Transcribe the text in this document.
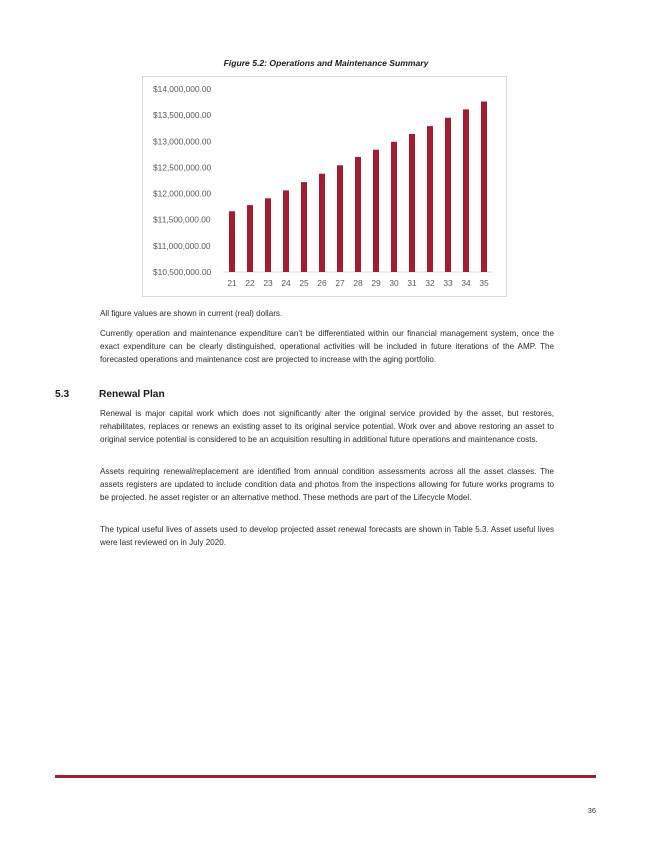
Figure 5.2: Operations and Maintenance Summary
$10,500,000.00
$11,000,000.00
$11,500,000.00
$12,000,000.00
$12,500,000.00
$13,000,000.00
$13,500,000.00
$14,000,000.00
21 22 23 24 25 26 27 28 29 30 31 32 33 34 35

All figure values are shown in current (real) dollars.

Currently operation and maintenance expenditure can’t be differentiated within our financial management system, once the exact expenditure can be clearly distinguished, operational activities will be included in future iterations of the AMP. The forecasted operations and maintenance cost are projected to increase with the aging portfolio.

5.3	Renewal Plan

Renewal is major capital work which does not significantly alter the original service provided by the asset, but restores, rehabilitates, replaces or renews an existing asset to its original service potential. Work over and above restoring an asset to original service potential is considered to be an acquisition resulting in additional future operations and maintenance costs.

Assets requiring renewal/replacement are identified from annual condition assessments across all the asset classes. The assets registers are updated to include condition data and photos from the inspections allowing for future works programs to be projected. he asset register or an alternative method. These methods are part of the Lifecycle Model.

The typical useful lives of assets used to develop projected asset renewal forecasts are shown in Table 5.3. Asset useful lives were last reviewed on in July 2020.

36
